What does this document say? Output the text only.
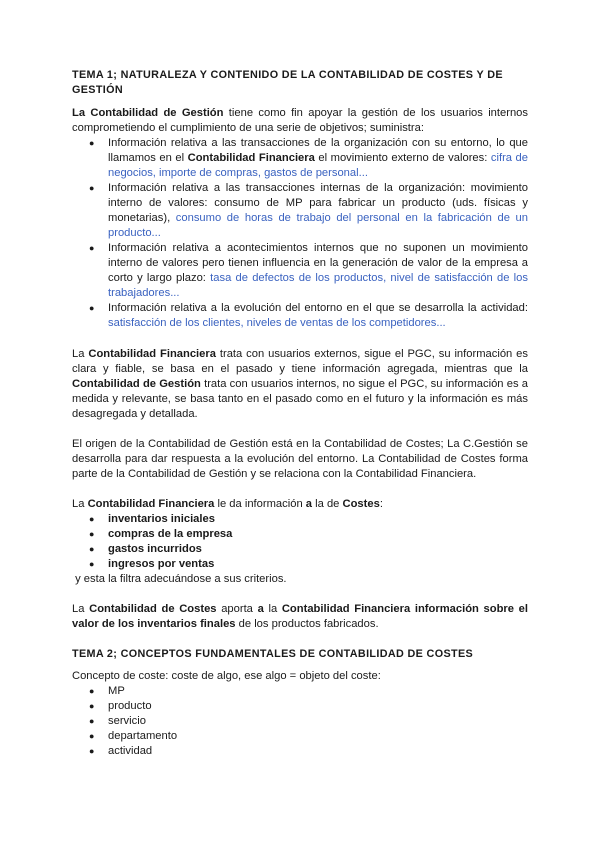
TEMA 1; NATURALEZA Y CONTENIDO DE LA CONTABILIDAD DE COSTES Y DE GESTIÓN

La Contabilidad de Gestión tiene como fin apoyar la gestión de los usuarios internos comprometiendo el cumplimiento de una serie de objetivos; suministra:

● Información relativa a las transacciones de la organización con su entorno, lo que llamamos en el Contabilidad Financiera el movimiento externo de valores: cifra de negocios, importe de compras, gastos de personal...
● Información relativa a las transacciones internas de la organización: movimiento interno de valores: consumo de MP para fabricar un producto (uds. físicas y monetarias), consumo de horas de trabajo del personal en la fabricación de un producto...
● Información relativa a acontecimientos internos que no suponen un movimiento interno de valores pero tienen influencia en la generación de valor de la empresa a corto y largo plazo: tasa de defectos de los productos, nivel de satisfacción de los trabajadores...
● Información relativa a la evolución del entorno en el que se desarrolla la actividad: satisfacción de los clientes, niveles de ventas de los competidores...

La Contabilidad Financiera trata con usuarios externos, sigue el PGC, su información es clara y fiable, se basa en el pasado y tiene información agregada, mientras que la Contabilidad de Gestión trata con usuarios internos, no sigue el PGC, su información es a medida y relevante, se basa tanto en el pasado como en el futuro y la información es más desagregada y detallada.

El origen de la Contabilidad de Gestión está en la Contabilidad de Costes; La C.Gestión se desarrolla para dar respuesta a la evolución del entorno. La Contabilidad de Costes forma parte de la Contabilidad de Gestión y se relaciona con la Contabilidad Financiera.

La Contabilidad Financiera le da información a la de Costes:

● inventarios iniciales
● compras de la empresa
● gastos incurridos
● ingresos por ventas

y esta la filtra adecuándose a sus criterios.

La Contabilidad de Costes aporta a la Contabilidad Financiera información sobre el valor de los inventarios finales de los productos fabricados.

TEMA 2; CONCEPTOS FUNDAMENTALES DE CONTABILIDAD DE COSTES

Concepto de coste: coste de algo, ese algo = objeto del coste:

● MP
● producto
● servicio
● departamento
● actividad
